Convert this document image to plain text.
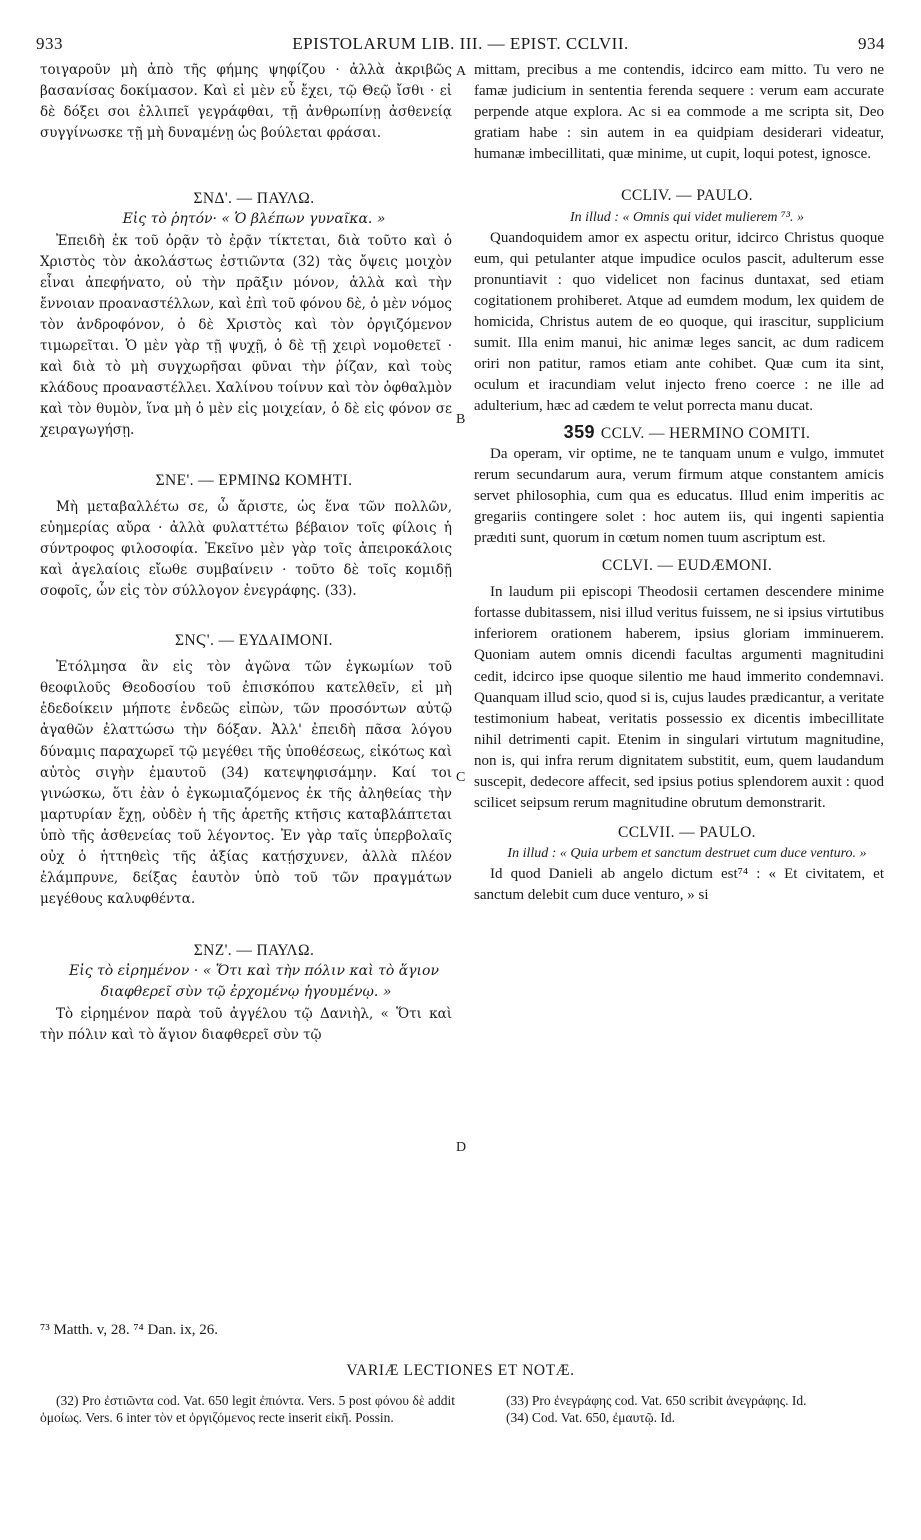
933	EPISTOLARUM LIB. III. — EPIST. CCLVII.	934

τοιγαροῦν μὴ ἀπὸ τῆς φήμης ψηφίζου · ἀλλὰ ἀκριβῶς βασανίσας δοκίμασον. Καὶ εἰ μὲν εὖ ἔχει, τῷ Θεῷ ἴσθι · εἰ δὲ δόξει σοι ἐλλιπεῖ γεγράφθαι, τῇ ἀνθρωπίνῃ ἀσθενείᾳ συγγίνωσκε τῇ μὴ δυναμένῃ ὡς βούλεται φράσαι.

ΣΝΔ'. — ΠΑΥΛΩ.

Εἰς τὸ ῥητόν· « Ὁ βλέπων γυναῖκα. »

Ἐπειδὴ ἐκ τοῦ ὁρᾷν τὸ ἐρᾷν τίκτεται, διὰ τοῦτο καὶ ὁ Χριστὸς τὸν ἀκολάστως ἐστιῶντα (32) τὰς ὄψεις μοιχὸν εἶναι ἀπεφήνατο, οὐ τὴν πρᾶξιν μόνον, ἀλλὰ καὶ τὴν ἔννοιαν προαναστέλλων, καὶ ἐπὶ τοῦ φόνου δὲ, ὁ μὲν νόμος τὸν ἀνδροφόνον, ὁ δὲ Χριστὸς καὶ τὸν ὀργιζόμενον τιμωρεῖται. Ὁ μὲν γὰρ τῇ ψυχῇ, ὁ δὲ τῇ χειρὶ νομοθετεῖ · καὶ διὰ τὸ μὴ συγχωρῆσαι φῦναι τὴν ῥίζαν, καὶ τοὺς κλάδους προαναστέλλει. Χαλίνου τοίνυν καὶ τὸν ὀφθαλμὸν καὶ τὸν θυμὸν, ἵνα μὴ ὁ μὲν εἰς μοιχείαν, ὁ δὲ εἰς φόνον σε χειραγωγήσῃ.

ΣΝΕ'. — ΕΡΜΙΝΩ ΚΟΜΗΤΙ.

Μὴ μεταβαλλέτω σε, ὦ ἄριστε, ὡς ἕνα τῶν πολλῶν, εὐημερίας αὔρα · ἀλλὰ φυλαττέτω βέβαιον τοῖς φίλοις ἡ σύντροφος φιλοσοφία. Ἐκεῖνο μὲν γὰρ τοῖς ἀπειροκάλοις καὶ ἀγελαίοις εἴωθε συμβαίνειν · τοῦτο δὲ τοῖς κομιδῇ σοφοῖς, ὧν εἰς τὸν σύλλογον ἐνεγράφης. (33).

ΣΝϚ'. — ΕΥΔΑΙΜΟΝΙ.

Ἐτόλμησα ἂν εἰς τὸν ἀγῶνα τῶν ἐγκωμίων τοῦ θεοφιλοῦς Θεοδοσίου τοῦ ἐπισκόπου κατελθεῖν, εἰ μὴ ἐδεδοίκειν μήποτε ἐνδεῶς εἰπὼν, τῶν προσόντων αὐτῷ ἀγαθῶν ἐλαττώσω τὴν δόξαν. Ἀλλ' ἐπειδὴ πᾶσα λόγου δύναμις παραχωρεῖ τῷ μεγέθει τῆς ὑποθέσεως, εἰκότως καὶ αὐτὸς σιγὴν ἐμαυτοῦ (34) κατεψηφισάμην. Καί τοι γινώσκω, ὅτι ἐὰν ὁ ἐγκωμιαζόμενος ἐκ τῆς ἀληθείας τὴν μαρτυρίαν ἔχῃ, οὐδὲν ἡ τῆς ἀρετῆς κτῆσις καταβλάπτεται ὑπὸ τῆς ἀσθενείας τοῦ λέγοντος. Ἐν γὰρ ταῖς ὑπερβολαῖς οὐχ ὁ ἡττηθεὶς τῆς ἀξίας κατῄσχυνεν, ἀλλὰ πλέον ἐλάμπρυνε, δείξας ἑαυτὸν ὑπὸ τοῦ τῶν πραγμάτων μεγέθους καλυφθέντα.

ΣΝΖ'. — ΠΑΥΛΩ.

Εἰς τὸ εἰρημένον · « Ὅτι καὶ τὴν πόλιν καὶ τὸ ἅγιον διαφθερεῖ σὺν τῷ ἐρχομένῳ ἡγουμένῳ. »

Τὸ εἰρημένον παρὰ τοῦ ἀγγέλου τῷ Δανιὴλ, « Ὅτι καὶ τὴν πόλιν καὶ τὸ ἅγιον διαφθερεῖ σὺν τῷ

mittam, precibus a me contendis, idcirco eam mitto. Tu vero ne famæ judicium in sententia ferenda sequere : verum eam accurate perpende atque explora. Ac si ea commode a me scripta sit, Deo gratiam habe : sin autem in ea quidpiam desiderari videatur, humanæ imbecillitati, quæ minime, ut cupit, loqui potest, ignosce.

CCLIV. — PAULO.

In illud : « Omnis qui videt mulierem ⁷³. »

Quandoquidem amor ex aspectu oritur, idcirco Christus quoque eum, qui petulanter atque impudice oculos pascit, adulterum esse pronuntiavit : quo videlicet non facinus duntaxat, sed etiam cogitationem prohiberet. Atque ad eumdem modum, lex quidem de homicida, Christus autem de eo quoque, qui irascitur, supplicium sumit. Illa enim manui, hic animæ leges sancit, ac dum radicem oriri non patitur, ramos etiam ante cohibet. Quæ cum ita sint, oculum et iracundiam velut injecto freno coerce : ne ille ad adulterium, hæc ad cædem te velut porrecta manu ducat.

359 CCLV. — HERMINO COMITI.

Da operam, vir optime, ne te tanquam unum e vulgo, immutet rerum secundarum aura, verum firmum atque constantem amicis servet philosophia, cum qua es educatus. Illud enim imperitis ac gregariis contingere solet : hoc autem iis, qui ingenti sapientia prædıti sunt, quorum in cœtum nomen tuum ascriptum est.

CCLVI. — EUDÆMONI.

In laudum pii episcopi Theodosii certamen descendere minime fortasse dubitassem, nisi illud veritus fuissem, ne si ipsius virtutibus inferiorem orationem haberem, ipsius gloriam imminuerem. Quoniam autem omnis dicendi facultas argumenti magnitudini cedit, idcirco ipse quoque silentio me haud immerito condemnavi. Quanquam illud scio, quod si is, cujus laudes prædicantur, a veritate testimonium habeat, veritatis possessio ex dicentis imbecillitate nihil detrimenti capit. Etenim in singulari virtutum magnitudine, non is, qui infra rerum dignitatem substitit, eum, quem laudandum suscepit, dedecore affecit, sed ipsius potius splendorem auxit : quod scilicet seipsum rerum magnitudine obrutum demonstrarit.

CCLVII. — PAULO.

In illud : « Quia urbem et sanctum destruet cum duce venturo. »

Id quod Danieli ab angelo dictum est⁷⁴ : « Et civitatem, et sanctum delebit cum duce venturo, » si

A
B
C
D
⁷³ Matth. v, 28. ⁷⁴ Dan. ix, 26.
VARIÆ LECTIONES ET NOTÆ.

(32) Pro ἐστιῶντα cod. Vat. 650 legit ἐπιόντα. Vers. 5 post φόνου δὲ addit ὁμοίως. Vers. 6 inter τὸν et ὀργιζόμενος recte inserit εἰκῆ. Possin.

(33) Pro ἐνεγράφης cod. Vat. 650 scribit ἀνεγράφης. Id.

(34) Cod. Vat. 650, ἐμαυτῷ. Id.
